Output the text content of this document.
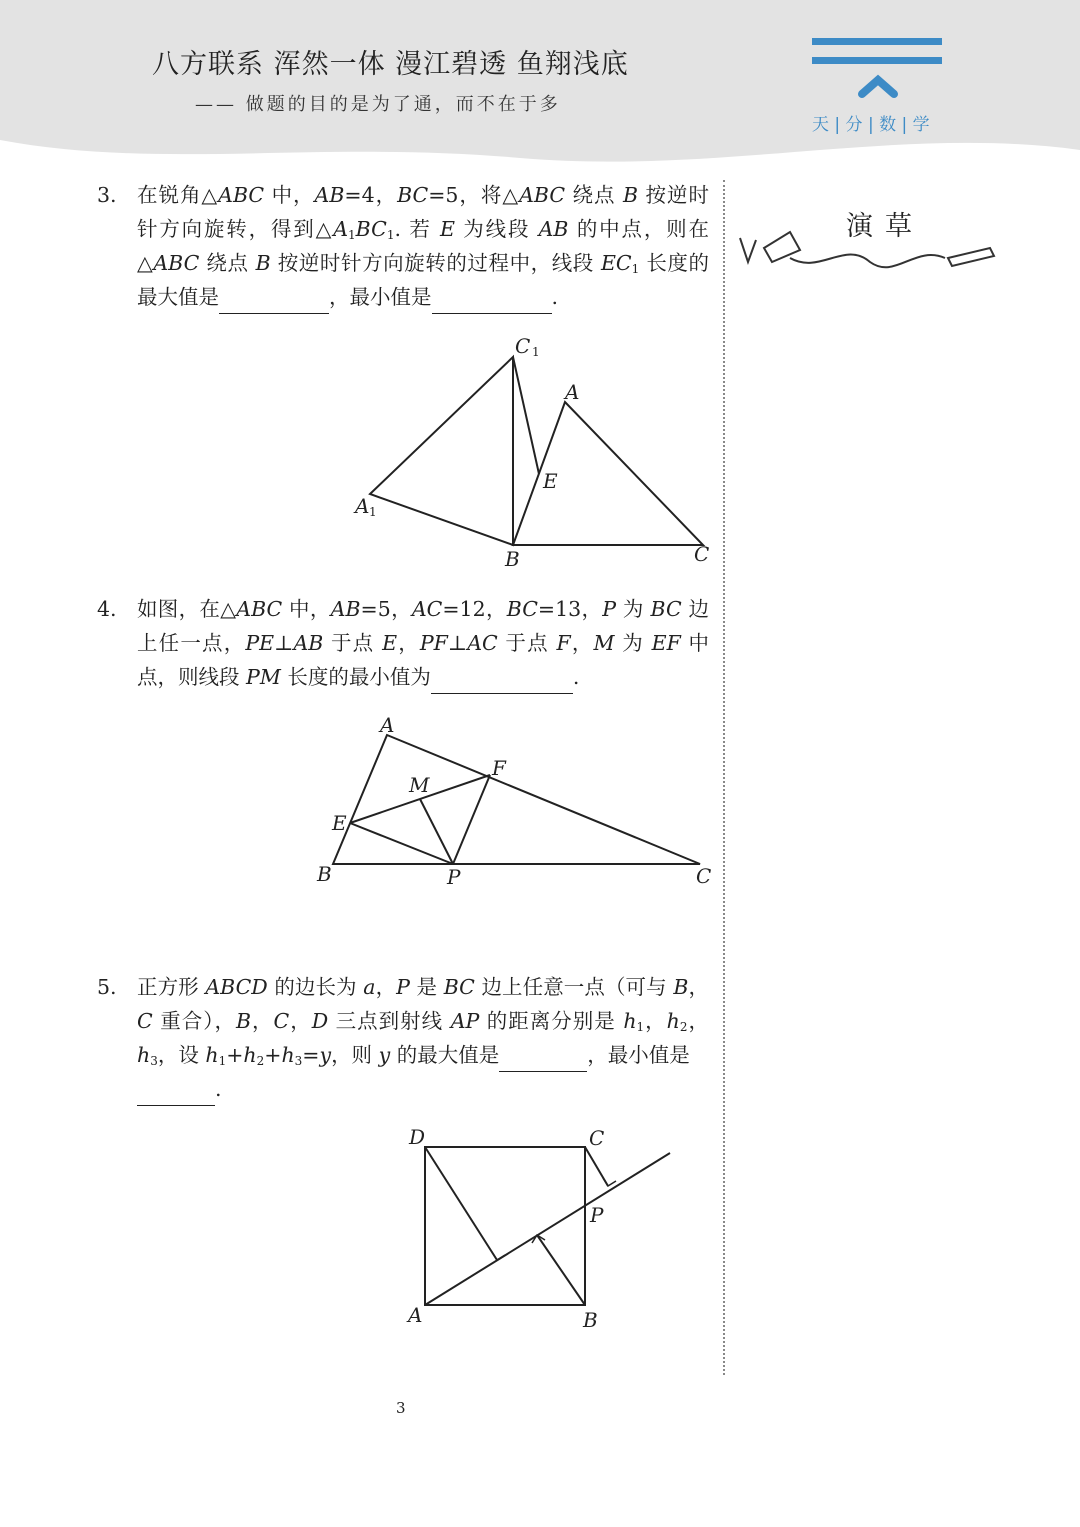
八方联系 浑然一体 漫江碧透 鱼翔浅底
—— 做题的目的是为了通，而不在于多
天 | 分 | 数 | 学
3. 在锐角△ABC 中，AB=4，BC=5，将△ABC 绕点 B 按逆时针方向旋转，得到$\triangle A_1BC_1$. 若 E 为线段 AB 的中点，则在△ABC 绕点 B 按逆时针方向旋转的过程中，线段 $EC_1$ 长度的最大值是	，最小值是	.
C 1
A
E
A 1
B	C
A
F
M
E
B	P	C
D	C
P
A	B
4. 如图，在△ABC 中，AB=5，AC=12，BC=13，P 为 BC 边上任一点，PE⊥AB 于点 E，PF⊥AC 于点 F，M 为 EF 中点，则线段 PM 长度的最小值为	.
5. 正方形 ABCD 的边长为 a，P 是 BC 边上任意一点（可与 B，C 重合），B，C，D 三点到射线 AP 的距离分别是 $h_1$，$h_2$，$h_3$，设 $h_1+h_2+h_3=y$，则 y 的最大值是	，最小值是
.
演草
3
